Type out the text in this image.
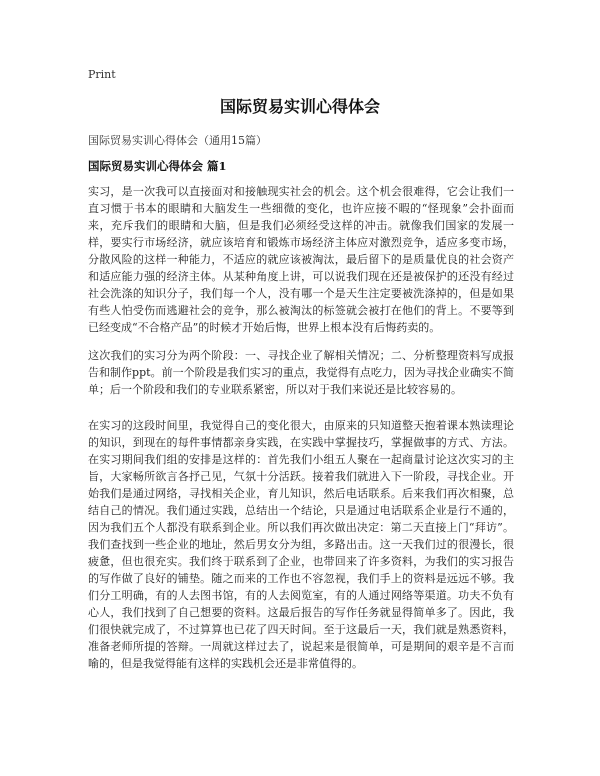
Print
国际贸易实训心得体会
国际贸易实训心得体会（通用15篇）
国际贸易实训心得体会 篇1

实习，是一次我可以直接面对和接触现实社会的机会。这个机会很难得，它会让我们一直习惯于书本的眼睛和大脑发生一些细微的变化，也许应接不暇的“怪现象”会扑面而来，充斥我们的眼睛和大脑，但是我们必须经受这样的冲击。就像我们国家的发展一样，要实行市场经济，就应该培育和锻炼市场经济主体应对激烈竞争，适应多变市场，分散风险的这样一种能力，不适应的就应该被淘汰，最后留下的是质量优良的社会资产和适应能力强的经济主体。从某种角度上讲，可以说我们现在还是被保护的还没有经过社会洗涤的知识分子，我们每一个人，没有哪一个是天生注定要被洗涤掉的，但是如果有些人怕受伤而逃避社会的竞争，那么被淘汰的标签就会被打在他们的背上。不要等到已经变成“不合格产品”的时候才开始后悔，世界上根本没有后悔药卖的。

这次我们的实习分为两个阶段：一、寻找企业了解相关情况；二、分析整理资料写成报告和制作ppt。前一个阶段是我们实习的重点，我觉得有点吃力，因为寻找企业确实不简单；后一个阶段和我们的专业联系紧密，所以对于我们来说还是比较容易的。

在实习的这段时间里，我觉得自己的变化很大，由原来的只知道整天抱着课本熟读理论的知识，到现在的每件事情都亲身实践，在实践中掌握技巧，掌握做事的方式、方法。在实习期间我们组的安排是这样的：首先我们小组五人聚在一起商量讨论这次实习的主旨，大家畅所欲言各抒己见，气氛十分活跃。接着我们就进入下一阶段，寻找企业。开始我们是通过网络，寻找相关企业，育儿知识，然后电话联系。后来我们再次相聚，总结自己的情况。我们通过实践，总结出一个结论，只是通过电话联系企业是行不通的，因为我们五个人都没有联系到企业。所以我们再次做出决定：第二天直接上门“拜访”。我们查找到一些企业的地址，然后男女分为组，多路出击。这一天我们过的很漫长，很疲惫，但也很充实。我们终于联系到了企业，也带回来了许多资料，为我们的实习报告的写作做了良好的铺垫。随之而来的工作也不容忽视，我们手上的资料是远远不够。我们分工明确，有的人去图书馆，有的人去阅览室，有的人通过网络等渠道。功夫不负有心人，我们找到了自己想要的资料。这最后报告的写作任务就显得简单多了。因此，我们很快就完成了，不过算算也已花了四天时间。至于这最后一天，我们就是熟悉资料，准备老师所提的答辩。一周就这样过去了，说起来是很简单，可是期间的艰辛是不言而喻的，但是我觉得能有这样的实践机会还是非常值得的。
